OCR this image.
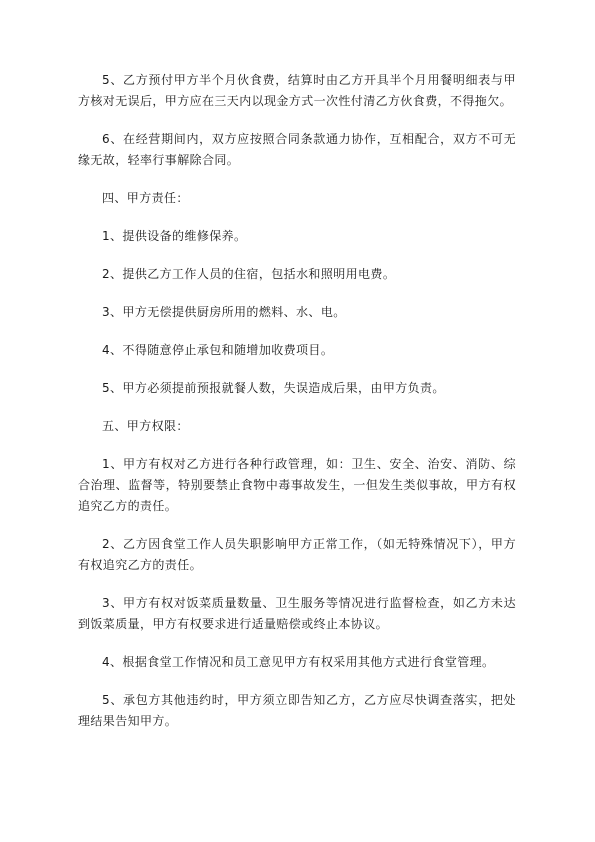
5、乙方预付甲方半个月伙食费，结算时由乙方开具半个月用餐明细表与甲方核对无误后，甲方应在三天内以现金方式一次性付清乙方伙食费，不得拖欠。

6、在经营期间内，双方应按照合同条款通力协作，互相配合，双方不可无缘无故，轻率行事解除合同。

四、甲方责任：

1、提供设备的维修保养。

2、提供乙方工作人员的住宿，包括水和照明用电费。

3、甲方无偿提供厨房所用的燃料、水、电。

4、不得随意停止承包和随增加收费项目。

5、甲方必须提前预报就餐人数，失误造成后果，由甲方负责。

五、甲方权限：

1、甲方有权对乙方进行各种行政管理，如：卫生、安全、治安、消防、综合治理、监督等，特别要禁止食物中毒事故发生，一但发生类似事故，甲方有权追究乙方的责任。

2、乙方因食堂工作人员失职影响甲方正常工作，（如无特殊情况下），甲方有权追究乙方的责任。

3、甲方有权对饭菜质量数量、卫生服务等情况进行监督检查，如乙方未达到饭菜质量，甲方有权要求进行适量赔偿或终止本协议。

4、根据食堂工作情况和员工意见甲方有权采用其他方式进行食堂管理。

5、承包方其他违约时，甲方须立即告知乙方，乙方应尽快调查落实，把处理结果告知甲方。
